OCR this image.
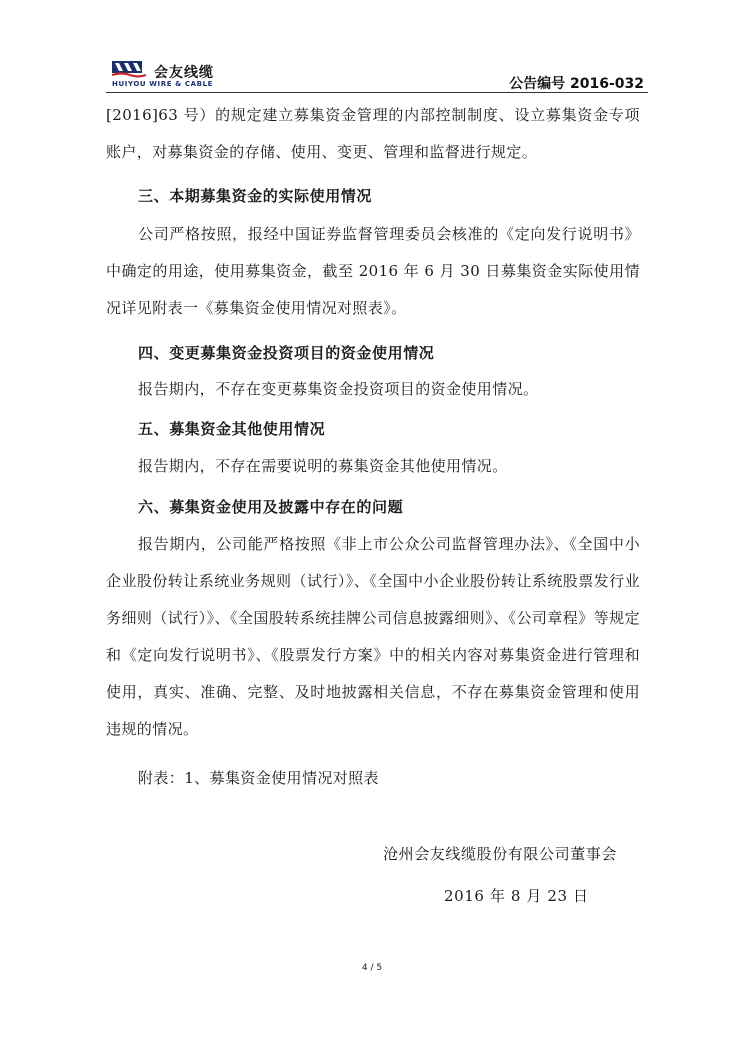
会友线缆
HUIYOU WIRE & CABLE	公告编号 2016-032

[2016]63 号）的规定建立募集资金管理的内部控制制度、设立募集资金专项账户，对募集资金的存储、使用、变更、管理和监督进行规定。

三、本期募集资金的实际使用情况

公司严格按照，报经中国证券监督管理委员会核准的《定向发行说明书》中确定的用途，使用募集资金，截至 2016 年 6 月 30 日募集资金实际使用情况详见附表一《募集资金使用情况对照表》。

四、变更募集资金投资项目的资金使用情况

报告期内，不存在变更募集资金投资项目的资金使用情况。

五、募集资金其他使用情况

报告期内，不存在需要说明的募集资金其他使用情况。

六、募集资金使用及披露中存在的问题

报告期内，公司能严格按照《非上市公众公司监督管理办法》、《全国中小企业股份转让系统业务规则（试行）》、《全国中小企业股份转让系统股票发行业务细则（试行）》、《全国股转系统挂牌公司信息披露细则》、《公司章程》等规定和《定向发行说明书》、《股票发行方案》中的相关内容对募集资金进行管理和使用，真实、准确、完整、及时地披露相关信息，不存在募集资金管理和使用违规的情况。

附表：1、募集资金使用情况对照表

沧州会友线缆股份有限公司董事会
2016 年 8 月 23 日
4 / 5
